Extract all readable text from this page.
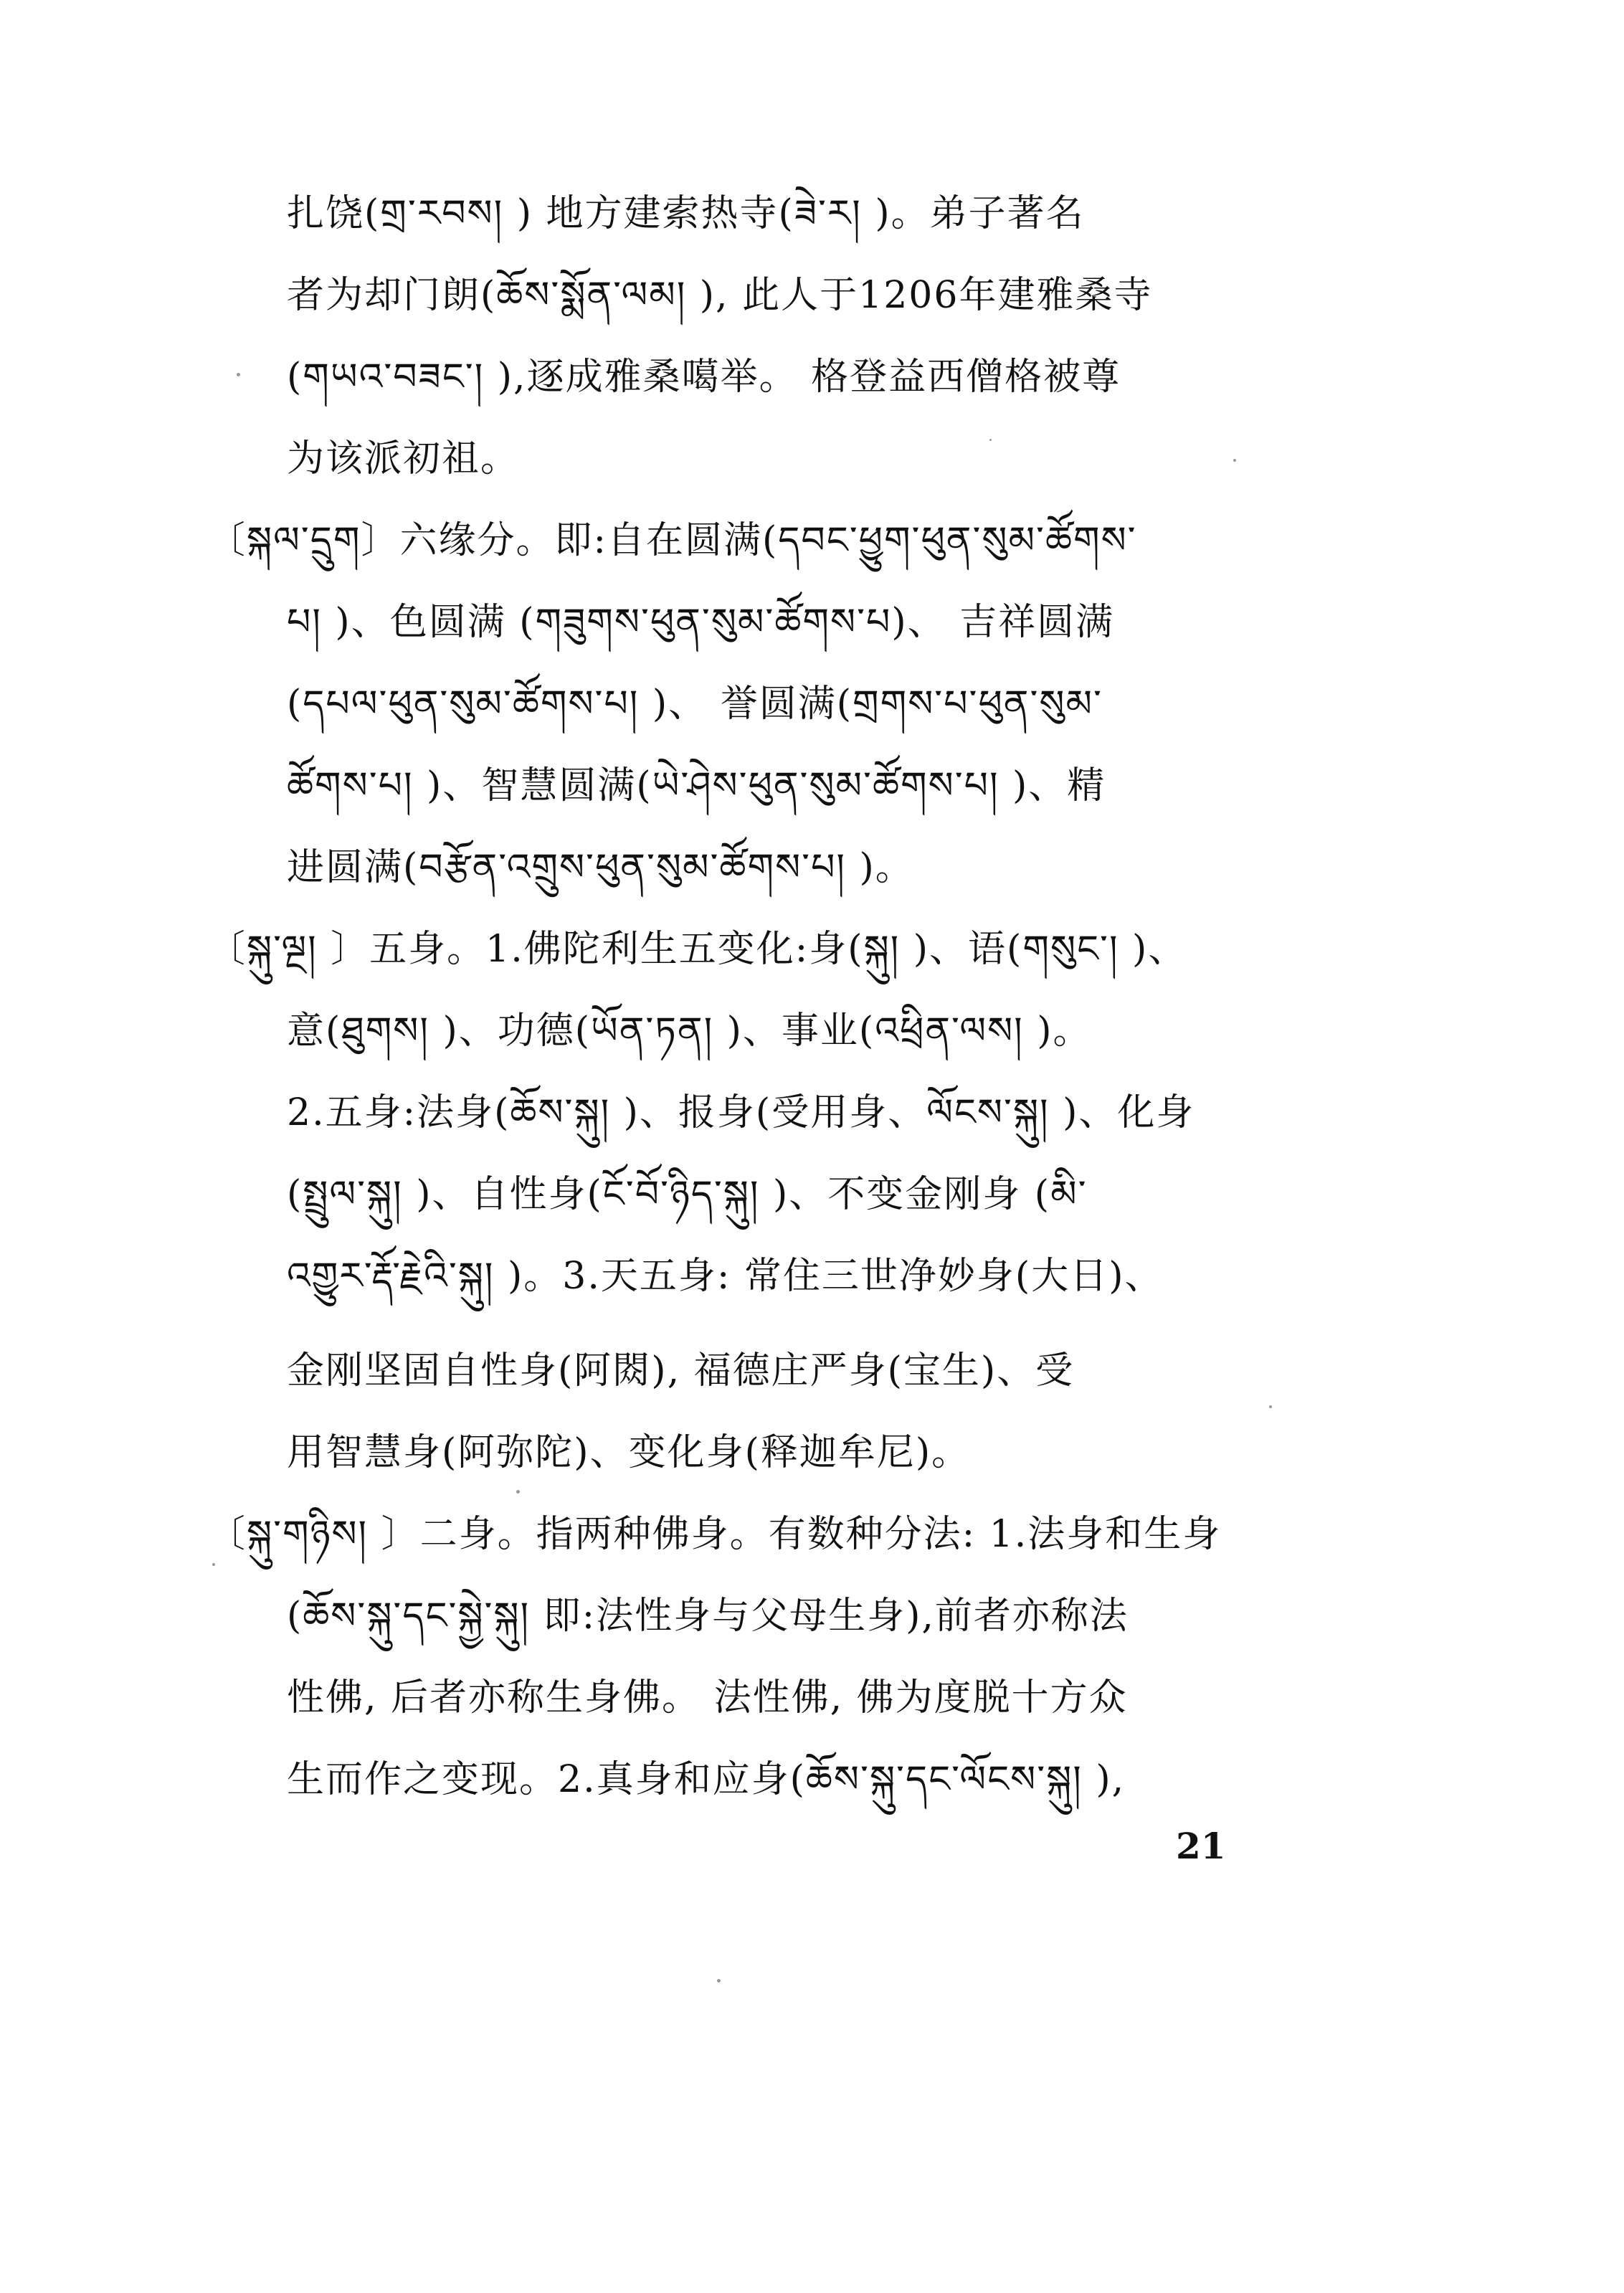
扎饶(གྲ་རབས། ) 地方建索热寺(ཟེ་ར། )。弟子著名
者为却门朗(ཆོས་སྨོན་ལམ། ), 此人于1206年建雅桑寺
(གཡའ་བཟང་། ),逐成雅桑噶举。 格登益西僧格被尊
为该派初祖。
〔སྐལ་དྲུག〕六缘分。即:自在圆满(དབང་ཕྱུག་ཕུན་སུམ་ཚོགས་
པ། )、色圆满 (གཟུགས་ཕུན་སུམ་ཚོགས་པ)、 吉祥圆满
(དཔལ་ཕུན་སུམ་ཚོགས་པ། )、 誉圆满(གྲགས་པ་ཕུན་སུམ་
ཚོགས་པ། )、智慧圆满(ཡེ་ཤེས་ཕུན་སུམ་ཚོགས་པ། )、精
进圆满(བརྩོན་འགྲུས་ཕུན་སུམ་ཚོགས་པ། )。
〔སྐུ་ལྔ། 〕五身。1.佛陀利生五变化:身(སྐུ། )、语(གསུང་། )、
意(ཐུགས། )、功德(ཡོན་ཏན། )、事业(འཕྲིན་ལས། )。
2.五身:法身(ཆོས་སྐུ། )、报身(受用身、ལོངས་སྐུ། )、化身
(སྤྲུལ་སྐུ། )、自性身(ངོ་བོ་ཉིད་སྐུ། )、不变金刚身 (མི་
འགྱུར་རྡོ་རྗེའི་སྐུ། )。3.天五身: 常住三世净妙身(大日)、
金刚坚固自性身(阿閦), 福德庄严身(宝生)、受
用智慧身(阿弥陀)、变化身(释迦牟尼)。
〔སྐུ་གཉིས། 〕二身。指两种佛身。有数种分法: 1.法身和生身
(ཆོས་སྐུ་དང་སྐྱེ་སྐུ། 即:法性身与父母生身),前者亦称法
性佛, 后者亦称生身佛。 法性佛, 佛为度脱十方众
生而作之变现。2.真身和应身(ཆོས་སྐུ་དང་ལོངས་སྐུ། ),
21
